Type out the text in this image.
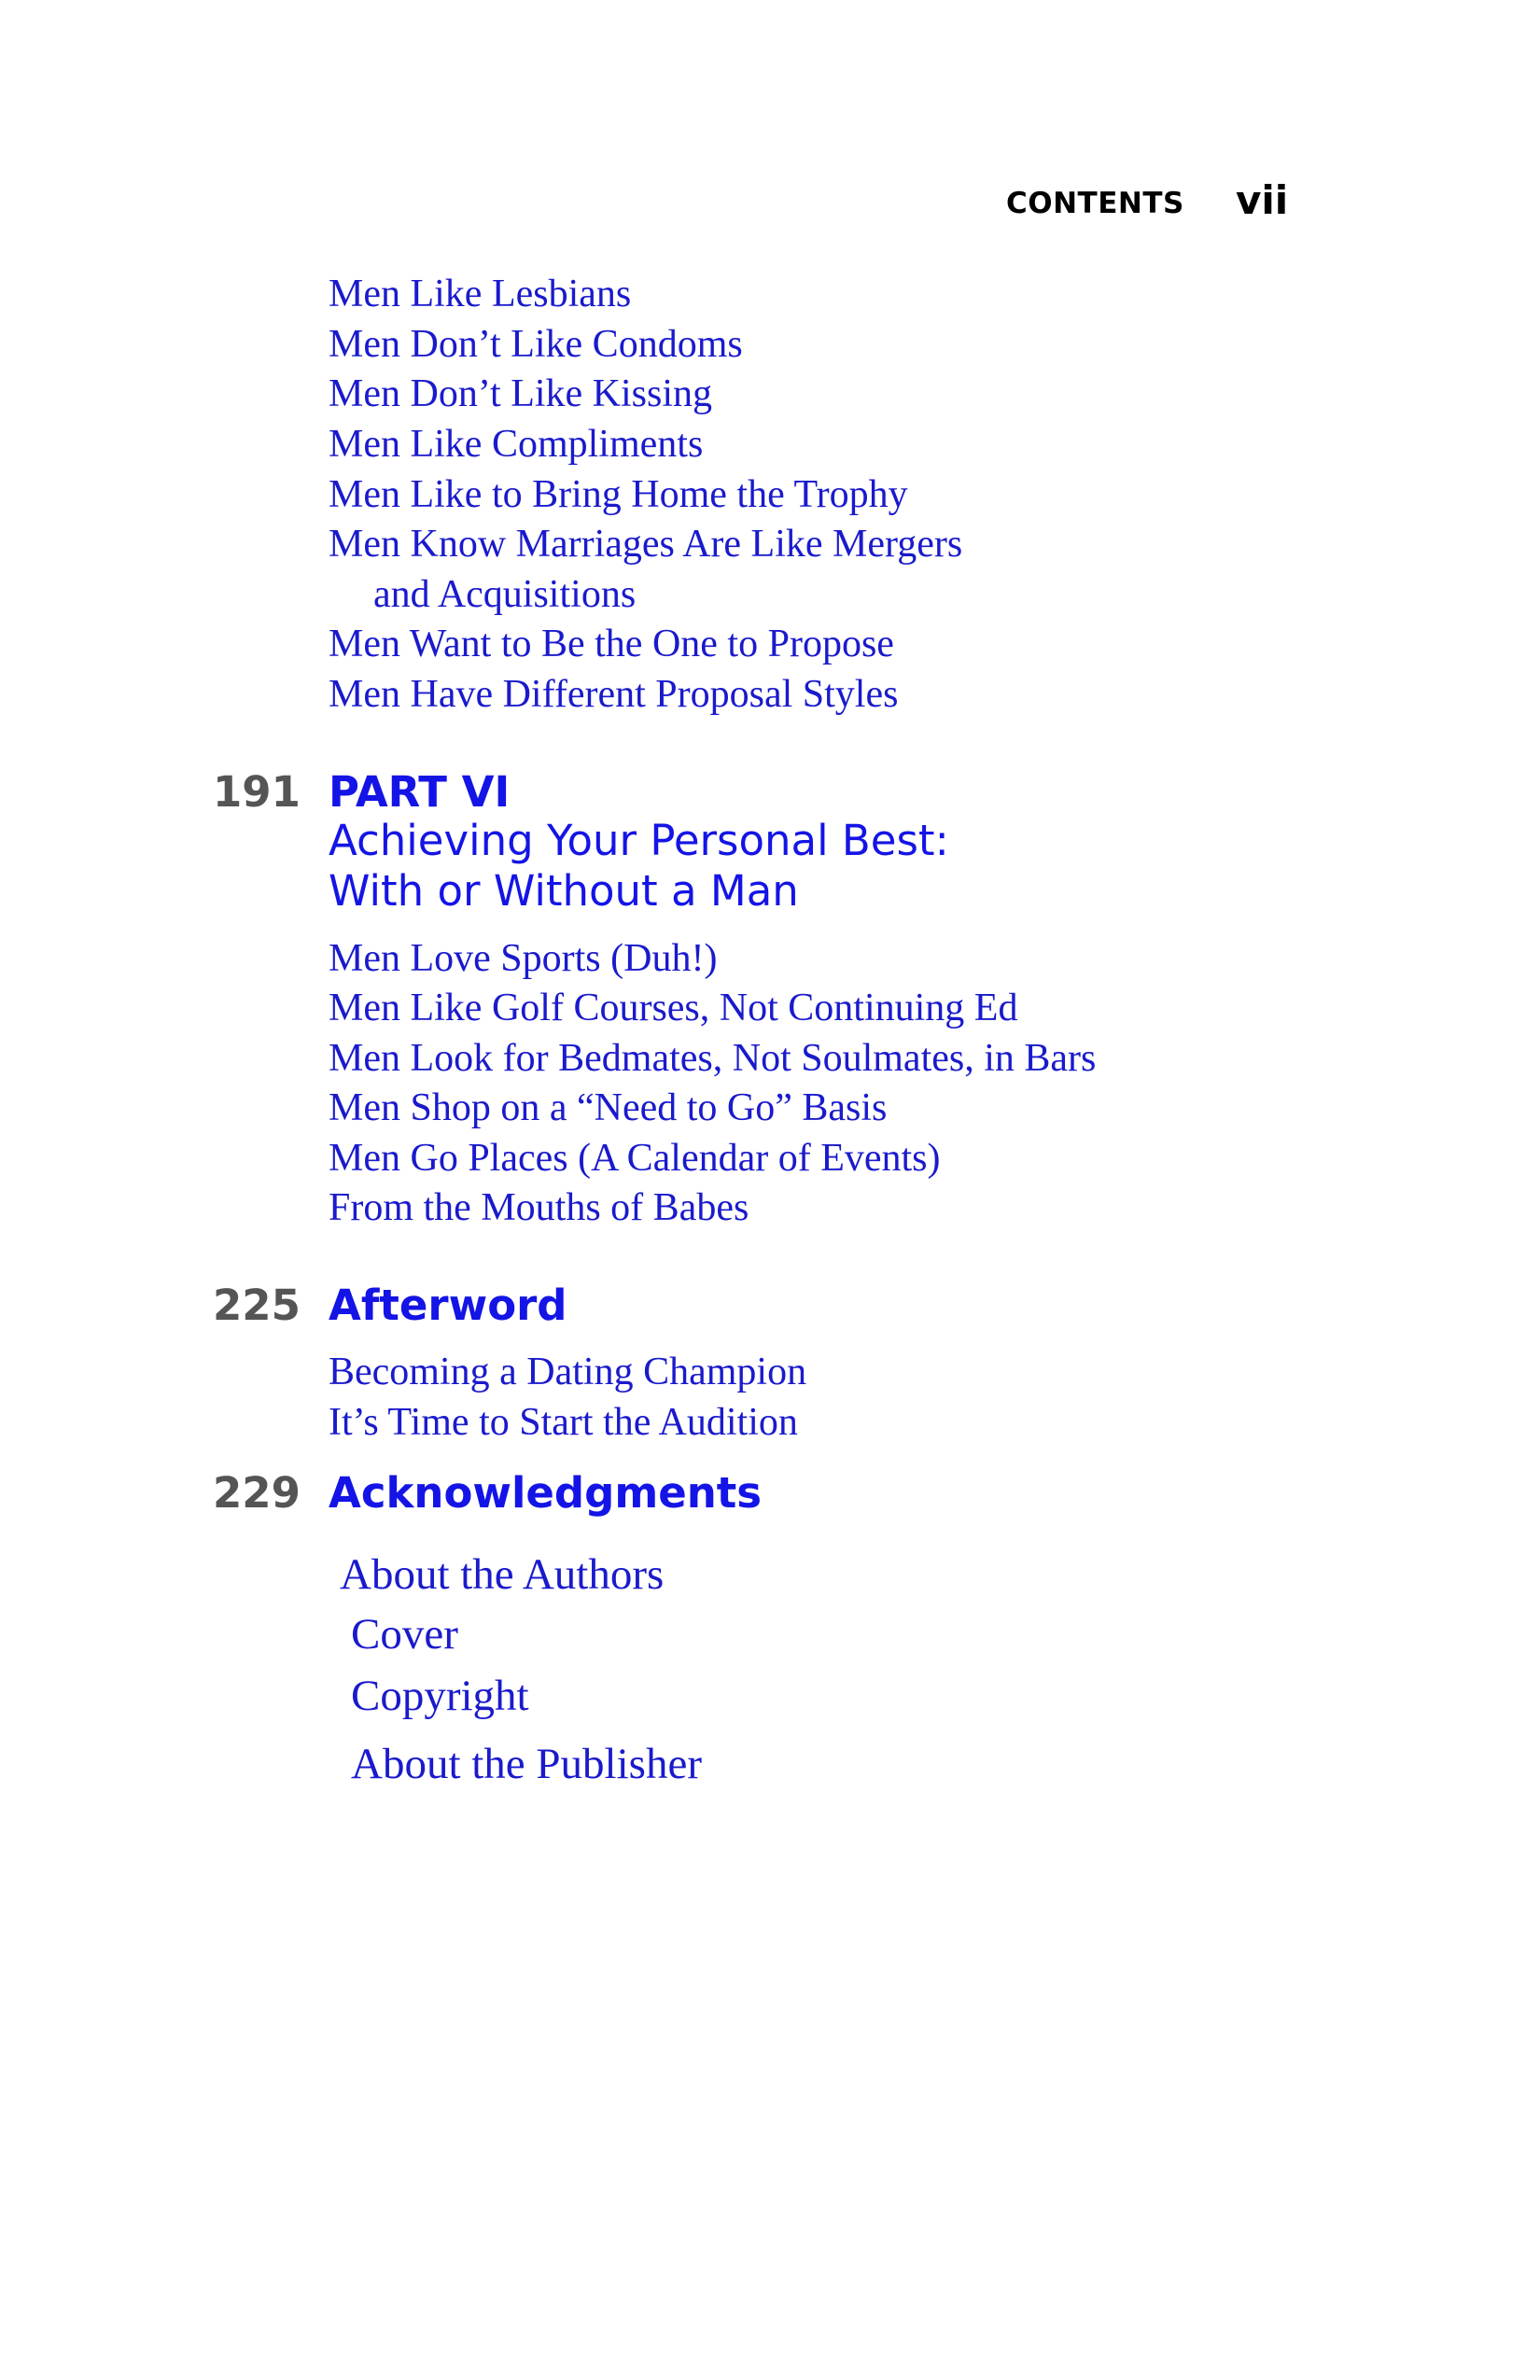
CONTENTS vii
Men Like Lesbians
Men Don’t Like Condoms
Men Don’t Like Kissing
Men Like Compliments
Men Like to Bring Home the Trophy
Men Know Marriages Are Like Mergers
and Acquisitions
Men Want to Be the One to Propose
Men Have Different Proposal Styles
191 PART VI
Achieving Your Personal Best:
With or Without a Man
Men Love Sports (Duh!)
Men Like Golf Courses, Not Continuing Ed
Men Look for Bedmates, Not Soulmates, in Bars
Men Shop on a “Need to Go” Basis
Men Go Places (A Calendar of Events)
From the Mouths of Babes
225 Afterword
Becoming a Dating Champion
It’s Time to Start the Audition
229 Acknowledgments
About the Authors
Cover
Copyright
About the Publisher
